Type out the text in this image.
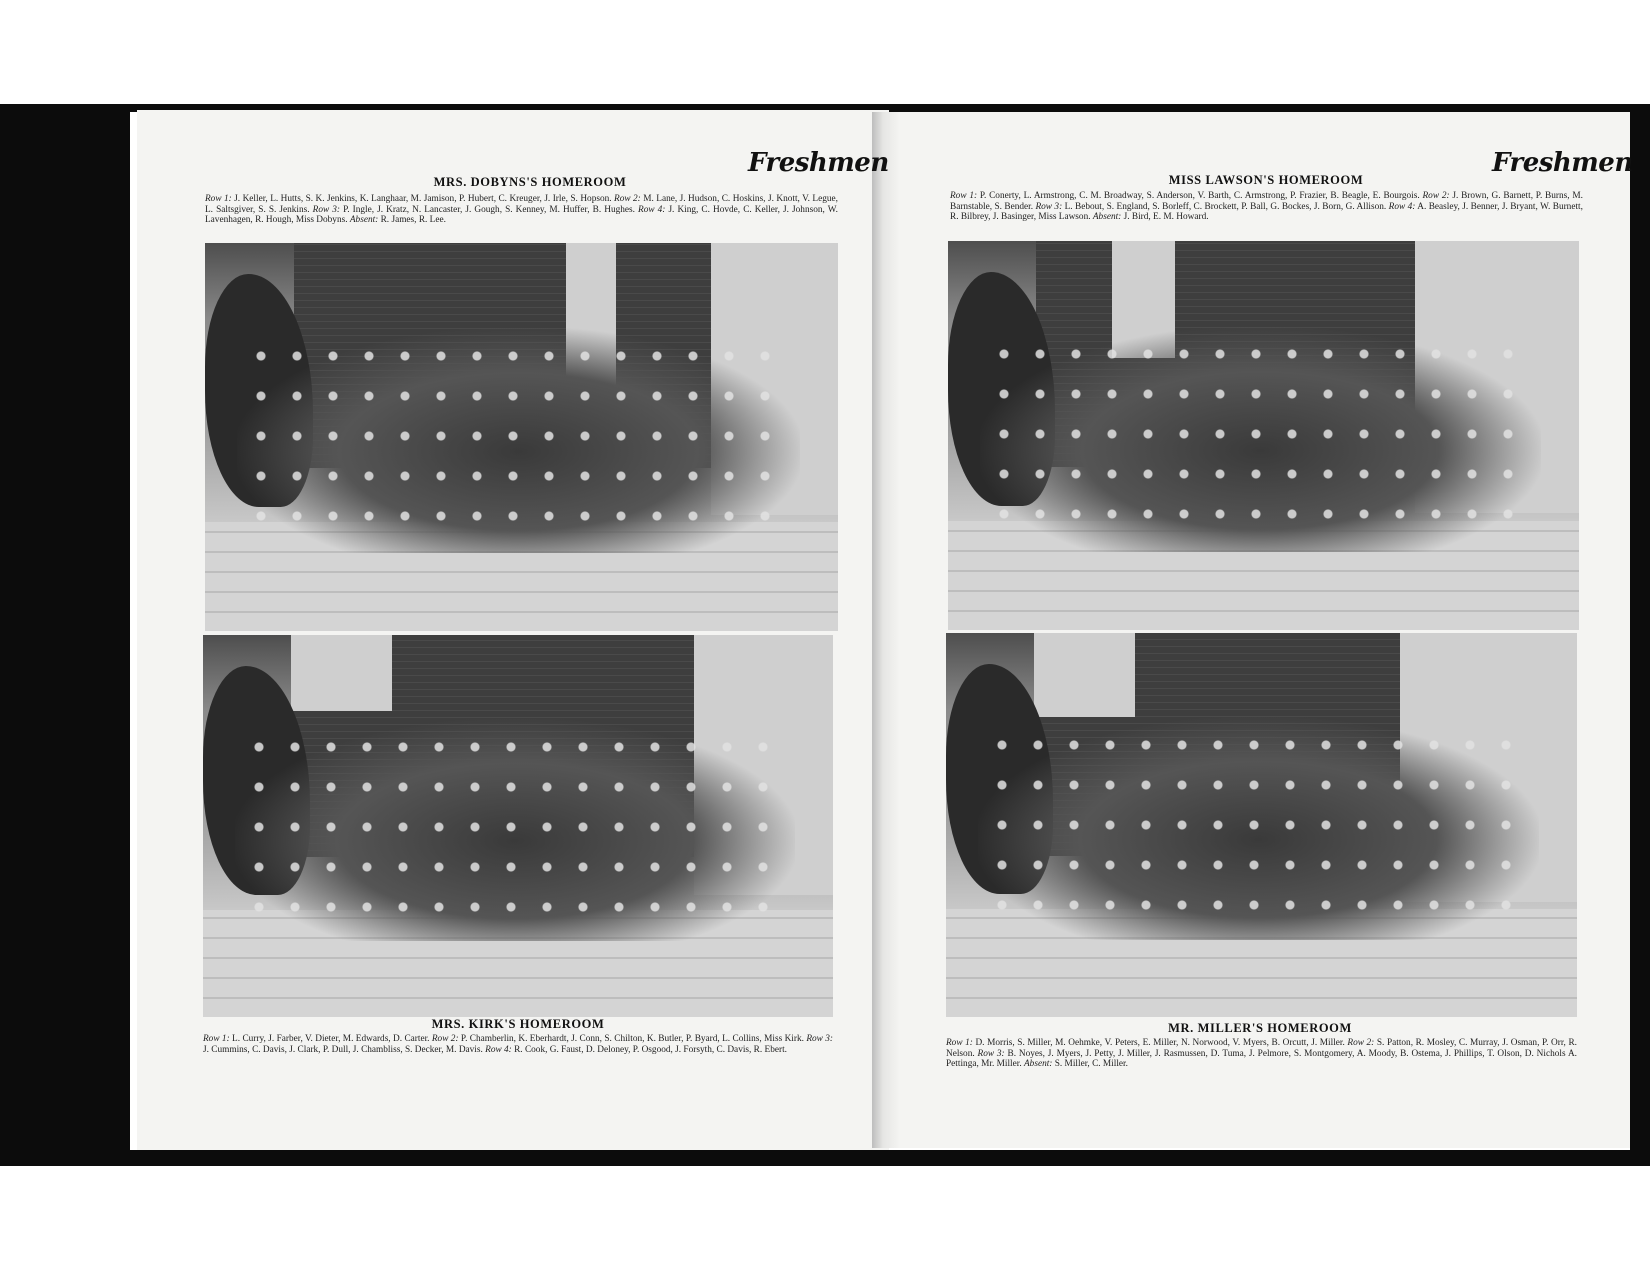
Freshmen	Freshmen
MRS. DOBYNS'S HOMEROOM
Row 1: J. Keller, L. Hutts, S. K. Jenkins, K. Langhaar, M. Jamison, P. Hubert, C. Kreuger, J. Irle, S. Hopson. Row 2: M. Lane, J. Hudson, C. Hoskins, J. Knott, V. Legue, L. Saltsgiver, S. S. Jenkins. Row 3: P. Ingle, J. Kratz, N. Lancaster, J. Gough, S. Kenney, M. Huffer, B. Hughes. Row 4: J. King, C. Hovde, C. Keller, J. Johnson, W. Lavenhagen, R. Hough, Miss Dobyns. Absent: R. James, R. Lee.
MRS. KIRK'S HOMEROOM
Row 1: L. Curry, J. Farber, V. Dieter, M. Edwards, D. Carter. Row 2: P. Chamberlin, K. Eberhardt, J. Conn, S. Chilton, K. Butler, P. Byard, L. Collins, Miss Kirk. Row 3: J. Cummins, C. Davis, J. Clark, P. Dull, J. Chambliss, S. Decker, M. Davis. Row 4: R. Cook, G. Faust, D. Deloney, P. Osgood, J. Forsyth, C. Davis, R. Ebert.
MISS LAWSON'S HOMEROOM
Row 1: P. Conerty, L. Armstrong, C. M. Broadway, S. Anderson, V. Barth, C. Armstrong, P. Frazier, B. Beagle, E. Bourgois. Row 2: J. Brown, G. Barnett, P. Burns, M. Barnstable, S. Bender. Row 3: L. Bebout, S. England, S. Borleff, C. Brockett, P. Ball, G. Bockes, J. Born, G. Allison. Row 4: A. Beasley, J. Benner, J. Bryant, W. Burnett, R. Bilbrey, J. Basinger, Miss Lawson. Absent: J. Bird, E. M. Howard.
MR. MILLER'S HOMEROOM
Row 1: D. Morris, S. Miller, M. Oehmke, V. Peters, E. Miller, N. Norwood, V. Myers, B. Orcutt, J. Miller. Row 2: S. Patton, R. Mosley, C. Murray, J. Osman, P. Orr, R. Nelson. Row 3: B. Noyes, J. Myers, J. Petty, J. Miller, J. Rasmussen, D. Tuma, J. Pelmore, S. Montgomery, A. Moody, B. Ostema, J. Phillips, T. Olson, D. Nichols A. Pettinga, Mr. Miller. Absent: S. Miller, C. Miller.
